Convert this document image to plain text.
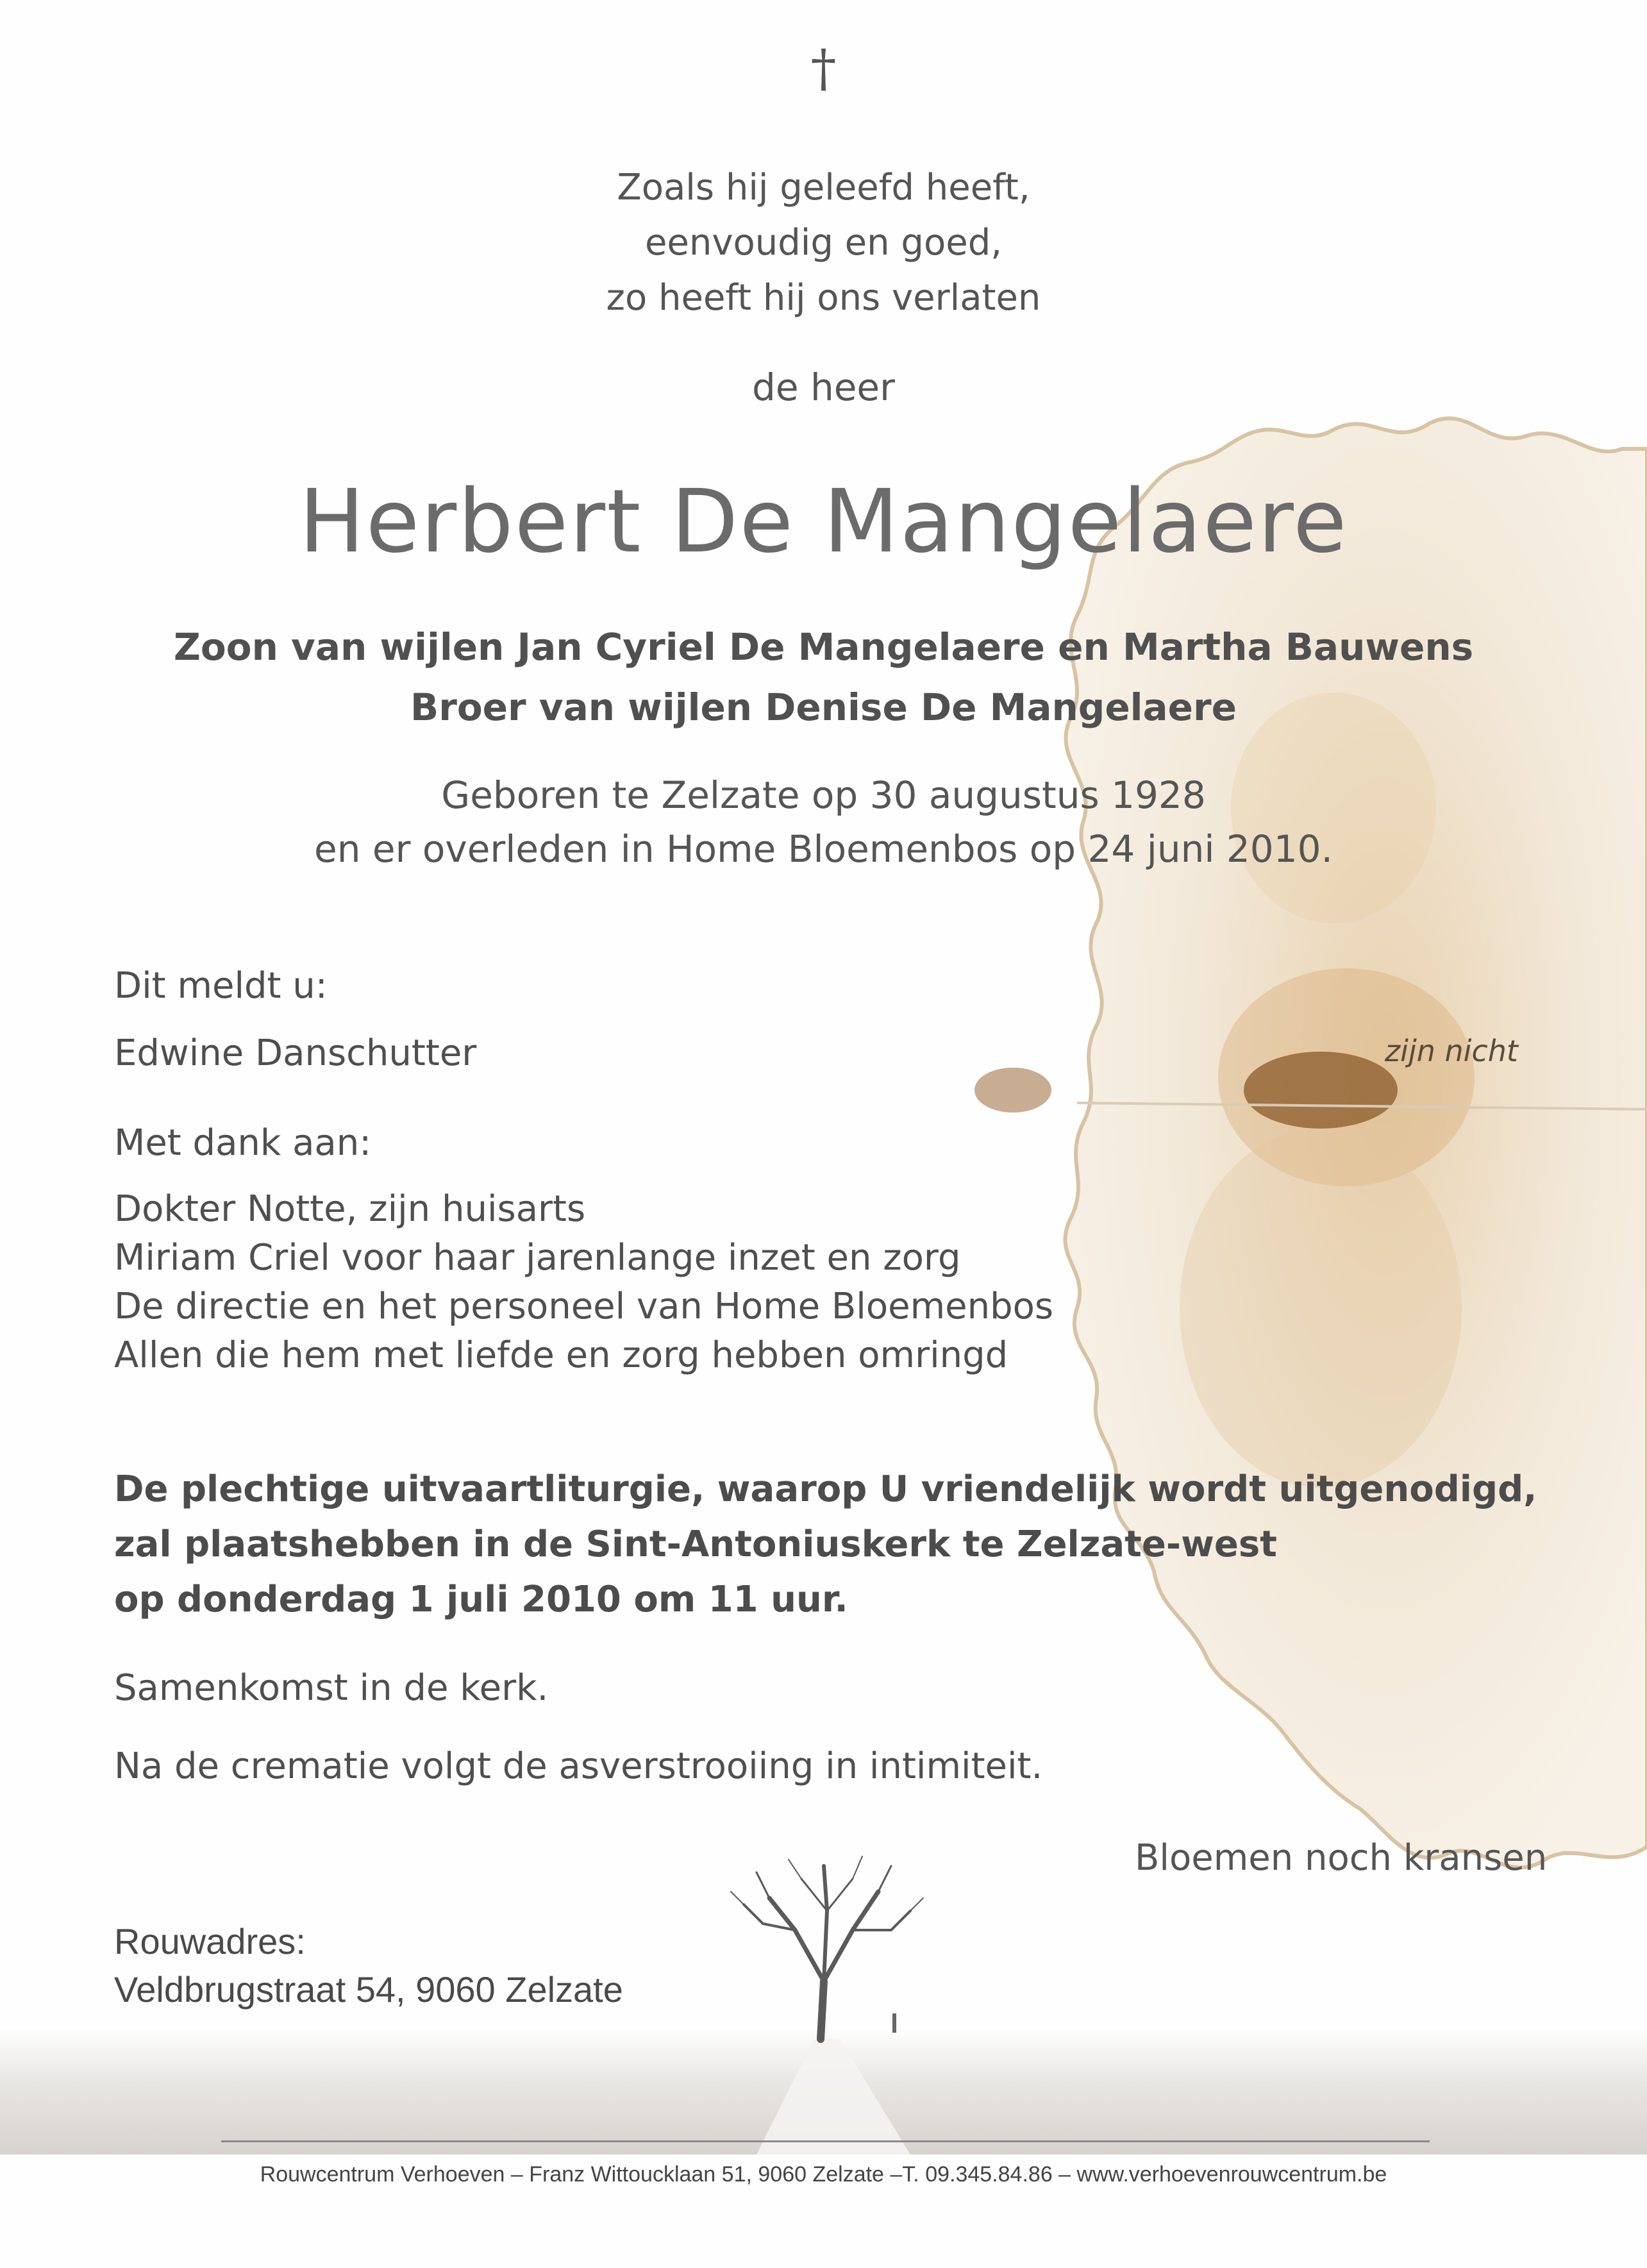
†
Zoals hij geleefd heeft,
eenvoudig en goed,
zo heeft hij ons verlaten
de heer
Herbert De Mangelaere
Zoon van wijlen Jan Cyriel De Mangelaere en Martha Bauwens
Broer van wijlen Denise De Mangelaere
Geboren te Zelzate op 30 augustus 1928
en er overleden in Home Bloemenbos op 24 juni 2010.
Dit meldt u:
Edwine Danschutter	zijn nicht
Met dank aan:
Dokter Notte, zijn huisarts
Miriam Criel voor haar jarenlange inzet en zorg
De directie en het personeel van Home Bloemenbos
Allen die hem met liefde en zorg hebben omringd
De plechtige uitvaartliturgie, waarop U vriendelijk wordt uitgenodigd,
zal plaatshebben in de Sint-Antoniuskerk te Zelzate-west
op donderdag 1 juli 2010 om 11 uur.
Samenkomst in de kerk.
Na de crematie volgt de asverstrooiing in intimiteit.
Bloemen noch kransen
Rouwadres:
Veldbrugstraat 54, 9060 Zelzate
Rouwcentrum Verhoeven – Franz Wittoucklaan 51, 9060 Zelzate –T. 09.345.84.86 – www.verhoevenrouwcentrum.be
